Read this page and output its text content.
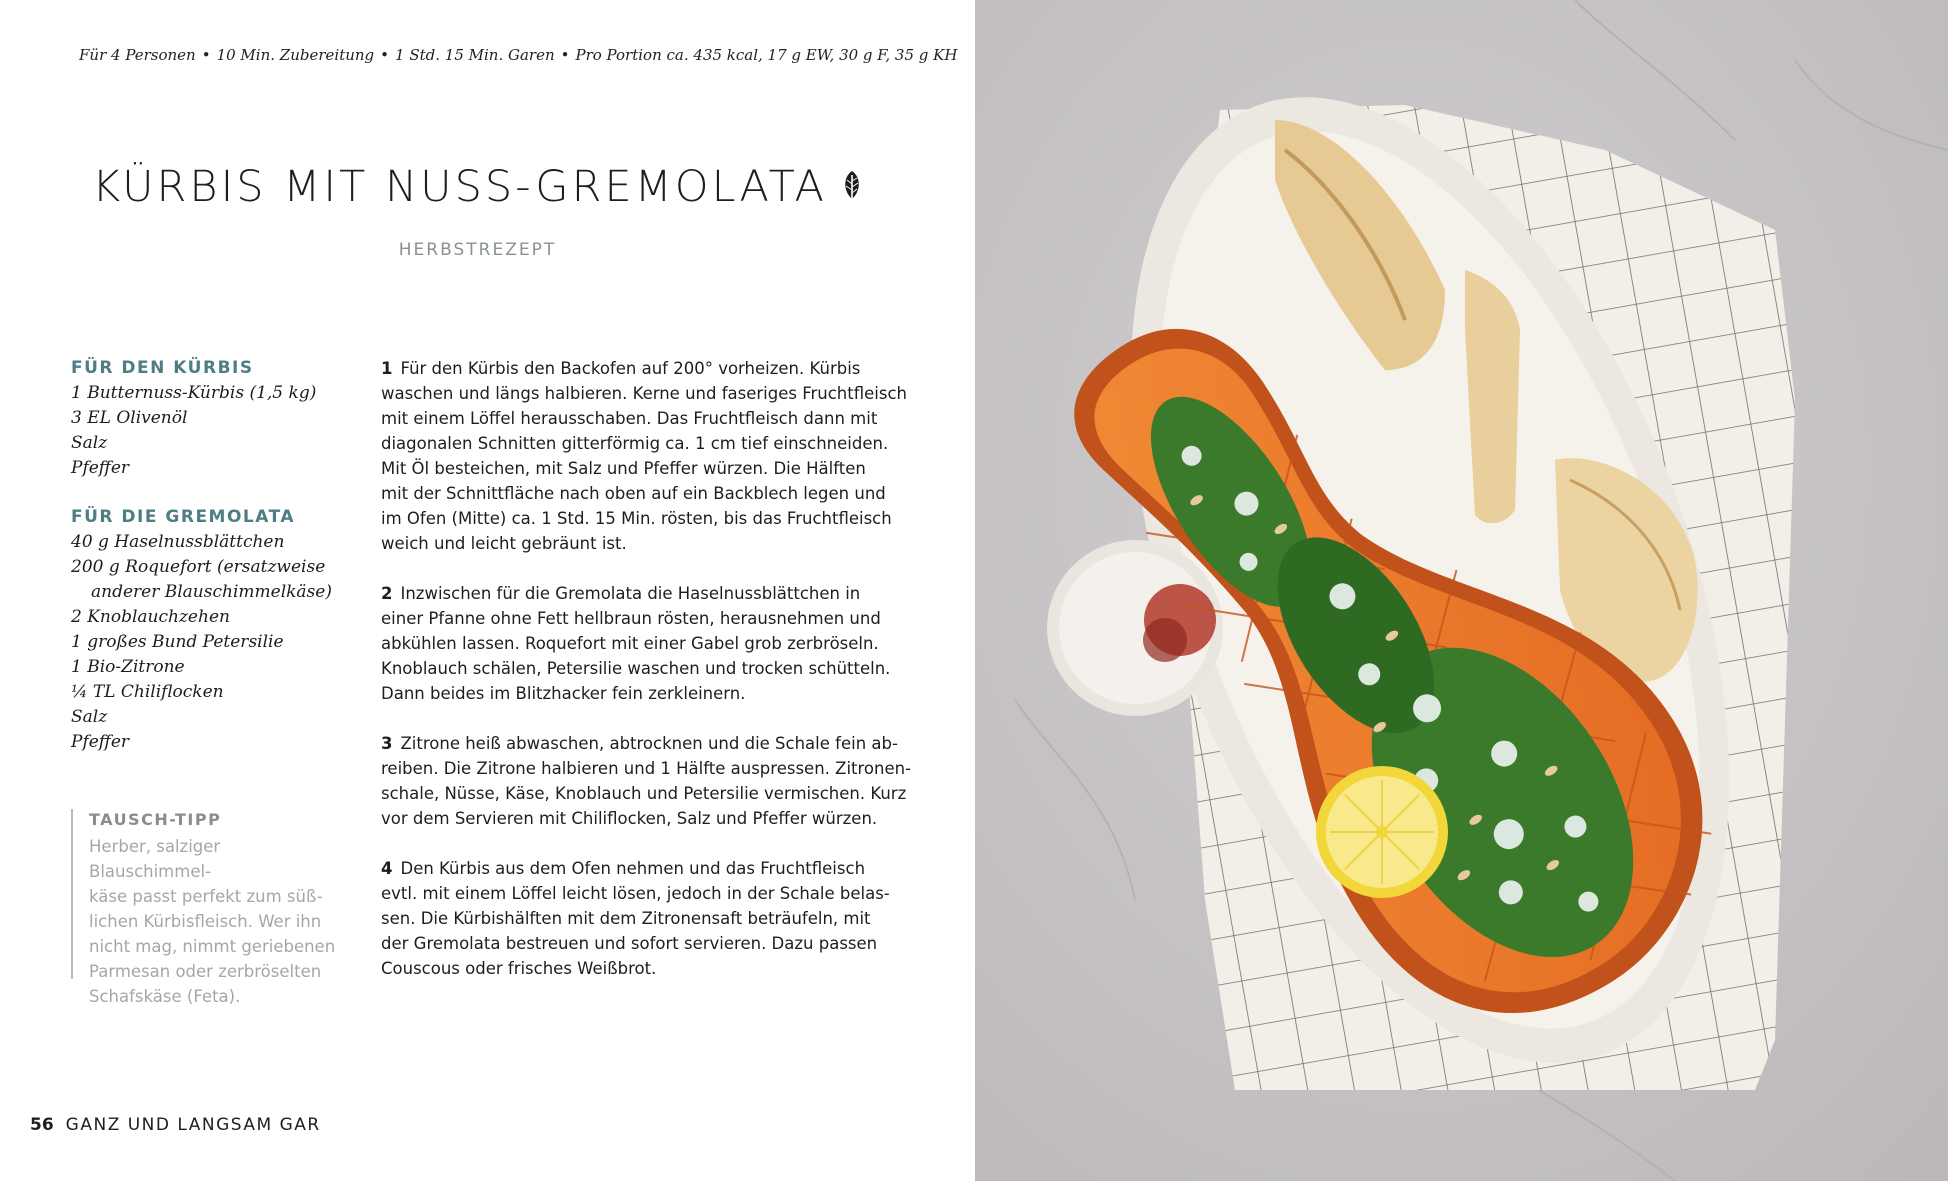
Für 4 Personen • 10 Min. Zubereitung • 1 Std. 15 Min. Garen • Pro Portion ca. 435 kcal, 17 g EW, 30 g F, 35 g KH
KÜRBIS MIT NUSS-GREMOLATA
HERBSTREZEPT
FÜR DEN KÜRBIS
1 Butternuss-Kürbis (1,5 kg)
3 EL Olivenöl
Salz
Pfeffer
FÜR DIE GREMOLATA
40 g Haselnussblättchen
200 g Roquefort (ersatzweise
anderer Blauschimmelkäse)
2 Knoblauchzehen
1 großes Bund Petersilie
1 Bio-Zitrone
¼ TL Chiliflocken
Salz
Pfeffer
TAUSCH-TIPP

Herber, salziger Blauschimmel-
käse passt perfekt zum süß-
lichen Kürbisfleisch. Wer ihn
nicht mag, nimmt geriebenen
Parmesan oder zerbröselten
Schafskäse (Feta).

1 Für den Kürbis den Backofen auf 200° vorheizen. Kürbis
waschen und längs halbieren. Kerne und faseriges Fruchtfleisch
mit einem Löffel herausschaben. Das Fruchtfleisch dann mit
diagonalen Schnitten gitterförmig ca. 1 cm tief einschneiden.
Mit Öl besteichen, mit Salz und Pfeffer würzen. Die Hälften
mit der Schnittfläche nach oben auf ein Backblech legen und
im Ofen (Mitte) ca. 1 Std. 15 Min. rösten, bis das Fruchtfleisch
weich und leicht gebräunt ist.

2 Inzwischen für die Gremolata die Haselnussblättchen in
einer Pfanne ohne Fett hellbraun rösten, herausnehmen und
abkühlen lassen. Roquefort mit einer Gabel grob zerbröseln.
Knoblauch schälen, Petersilie waschen und trocken schütteln.
Dann beides im Blitzhacker fein zerkleinern.

3 Zitrone heiß abwaschen, abtrocknen und die Schale fein ab-
reiben. Die Zitrone halbieren und 1 Hälfte auspressen. Zitronen-
schale, Nüsse, Käse, Knoblauch und Petersilie vermischen. Kurz
vor dem Servieren mit Chiliflocken, Salz und Pfeffer würzen.

4 Den Kürbis aus dem Ofen nehmen und das Fruchtfleisch
evtl. mit einem Löffel leicht lösen, jedoch in der Schale belas-
sen. Die Kürbishälften mit dem Zitronensaft beträufeln, mit
der Gremolata bestreuen und sofort servieren. Dazu passen
Couscous oder frisches Weißbrot.

56 GANZ UND LANGSAM GAR
